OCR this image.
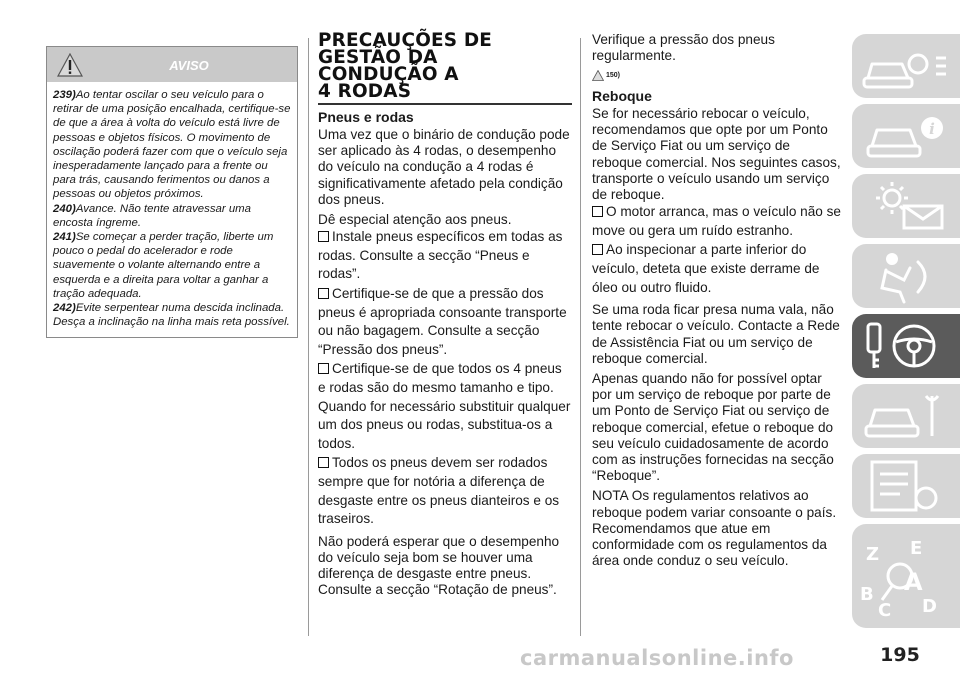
AVISO

239)Ao tentar oscilar o seu veículo para o retirar de uma posição encalhada, certifique-se de que a área à volta do veículo está livre de pessoas e objetos físicos. O movimento de oscilação poderá fazer com que o veículo seja inesperadamente lançado para a frente ou para trás, causando ferimentos ou danos a pessoas ou objetos próximos.

240)Avance. Não tente atravessar uma encosta íngreme.

241)Se começar a perder tração, liberte um pouco o pedal do acelerador e rode suavemente o volante alternando entre a esquerda e a direita para voltar a ganhar a tração adequada.

242)Evite serpentear numa descida inclinada. Desça a inclinação na linha mais reta possível.

PRECAUÇÕES DE
GESTÃO DA
CONDUÇÃO A
4 RODAS
Pneus e rodas

Uma vez que o binário de condução pode ser aplicado às 4 rodas, o desempenho do veículo na condução a 4 rodas é significativamente afetado pela condição dos pneus.

Dê especial atenção aos pneus.

Instale pneus específicos em todas as rodas. Consulte a secção “Pneus e rodas”.

Certifique-se de que a pressão dos pneus é apropriada consoante transporte ou não bagagem. Consulte a secção “Pressão dos pneus”.

Certifique-se de que todos os 4 pneus e rodas são do mesmo tamanho e tipo. Quando for necessário substituir qualquer um dos pneus ou rodas, substitua-os a todos.

Todos os pneus devem ser rodados sempre que for notória a diferença de desgaste entre os pneus dianteiros e os traseiros.

Não poderá esperar que o desempenho do veículo seja bom se houver uma diferença de desgaste entre pneus. Consulte a secção “Rotação de pneus”.

Verifique a pressão dos pneus regularmente.

150)
Reboque

Se for necessário rebocar o veículo, recomendamos que opte por um Ponto de Serviço Fiat ou um serviço de reboque comercial. Nos seguintes casos, transporte o veículo usando um serviço de reboque.

O motor arranca, mas o veículo não se move ou gera um ruído estranho.

Ao inspecionar a parte inferior do veículo, deteta que existe derrame de óleo ou outro fluido.

Se uma roda ficar presa numa vala, não tente rebocar o veículo. Contacte a Rede de Assistência Fiat ou um serviço de reboque comercial.

Apenas quando não for possível optar por um serviço de reboque por parte de um Ponto de Serviço Fiat ou serviço de reboque comercial, efetue o reboque do seu veículo cuidadosamente de acordo com as instruções fornecidas na secção “Reboque”.

NOTA Os regulamentos relativos ao reboque podem variar consoante o país. Recomendamos que atue em conformidade com os regulamentos da área onde conduz o seu veículo.

i
Z E
B
C D
A
carmanualsonline.info	195
